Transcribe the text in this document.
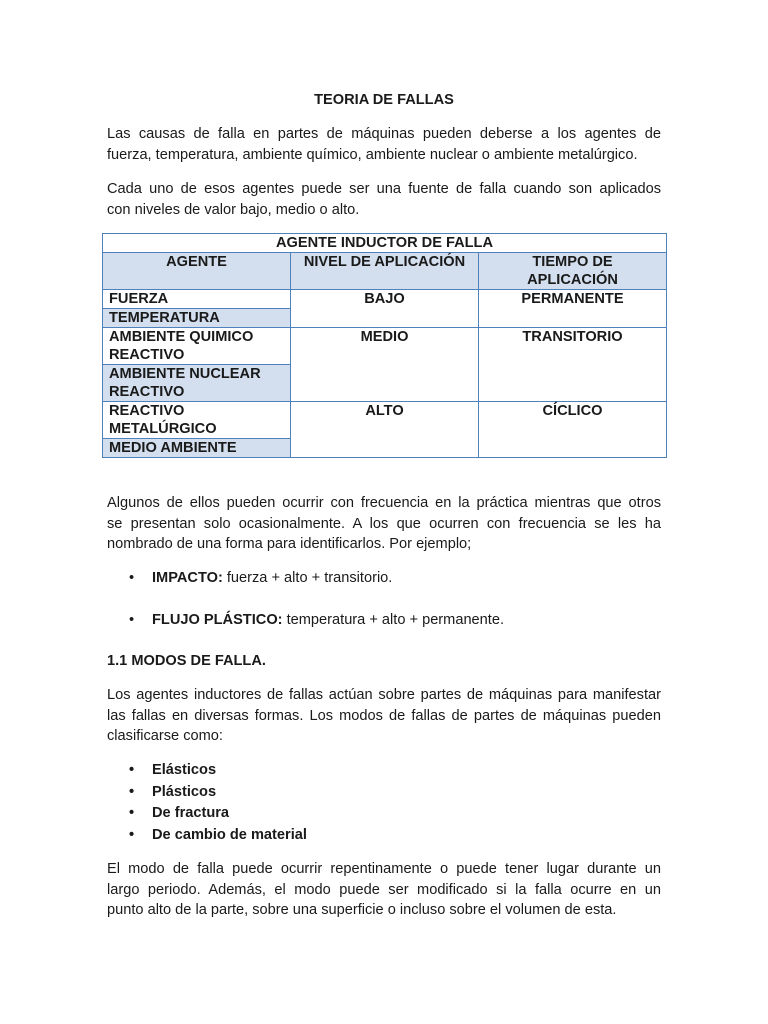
TEORIA DE FALLAS
Las causas de falla en partes de máquinas pueden deberse a los agentes de
fuerza, temperatura, ambiente químico, ambiente nuclear o ambiente metalúrgico.
Cada uno de esos agentes puede ser una fuente de falla cuando son aplicados
con niveles de valor bajo, medio o alto.
AGENTE INDUCTOR DE FALLA		
AGENTE	NIVEL DE APLICACIÓN	TIEMPO DE APLICACIÓN
FUERZA	BAJO	PERMANENTE
TEMPERATURA		
AMBIENTE QUIMICO REACTIVO	MEDIO	TRANSITORIO
AMBIENTE NUCLEAR REACTIVO		
REACTIVO METALÚRGICO	ALTO	CÍCLICO
MEDIO AMBIENTE		
Algunos de ellos pueden ocurrir con frecuencia en la práctica mientras que otros
se presentan solo ocasionalmente. A los que ocurren con frecuencia se les ha
nombrado de una forma para identificarlos. Por ejemplo;
• IMPACTO: fuerza + alto + transitorio.
• FLUJO PLÁSTICO: temperatura + alto + permanente.
1.1 MODOS DE FALLA.
Los agentes inductores de fallas actúan sobre partes de máquinas para manifestar
las fallas en diversas formas. Los modos de fallas de partes de máquinas pueden
clasificarse como:
• Elásticos
• Plásticos
• De fractura
• De cambio de material
El modo de falla puede ocurrir repentinamente o puede tener lugar durante un
largo periodo. Además, el modo puede ser modificado si la falla ocurre en un
punto alto de la parte, sobre una superficie o incluso sobre el volumen de esta.
